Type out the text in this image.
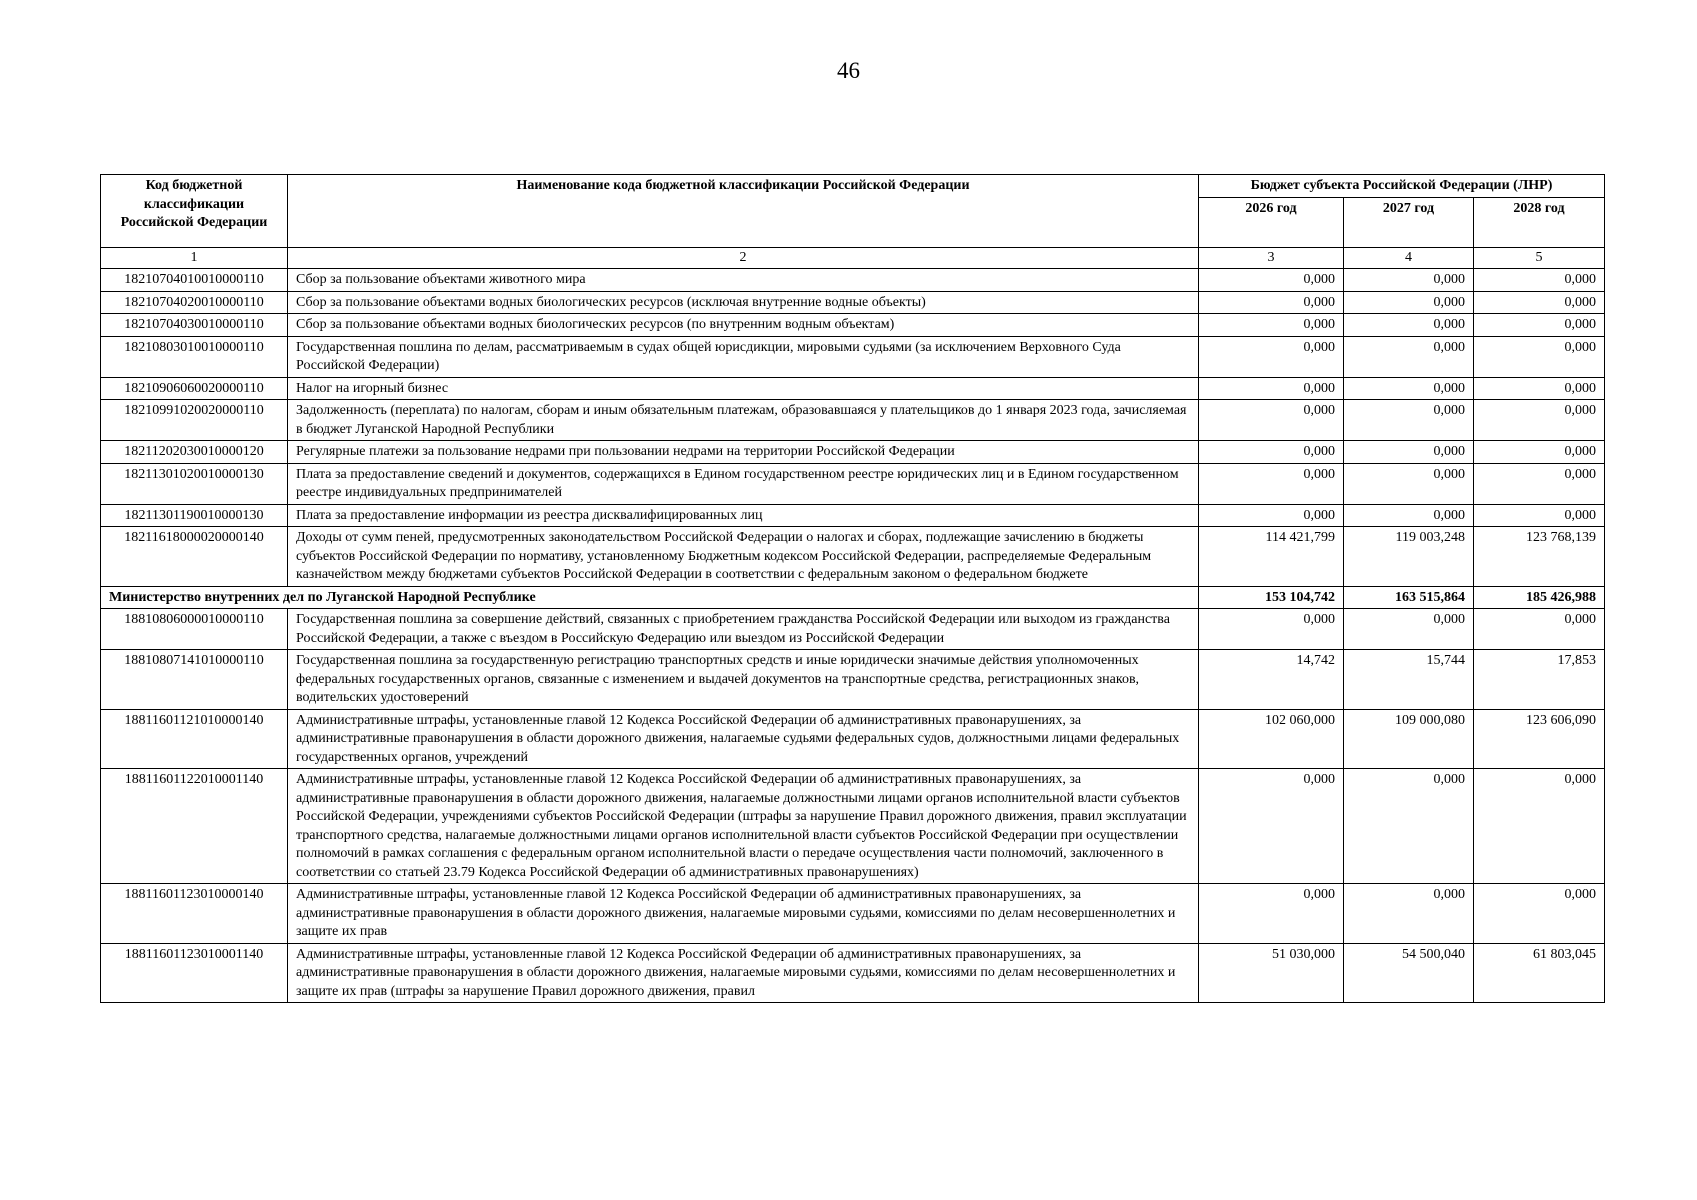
46
Код бюджетной классификации Российской Федерации	Наименование кода бюджетной классификации Российской Федерации	Бюджет субъекта Российской Федерации (ЛНР)		
		2026 год	2027 год	2028 год
1	2	3	4	5
18210704010010000110	Сбор за пользование объектами животного мира	0,000	0,000	0,000
18210704020010000110	Сбор за пользование объектами водных биологических ресурсов (исключая внутренние водные объекты)	0,000	0,000	0,000
18210704030010000110	Сбор за пользование объектами водных биологических ресурсов (по внутренним водным объектам)	0,000	0,000	0,000
18210803010010000110	Государственная пошлина по делам, рассматриваемым в судах общей юрисдикции, мировыми судьями (за исключением Верховного Суда Российской Федерации)	0,000	0,000	0,000
18210906060020000110	Налог на игорный бизнес	0,000	0,000	0,000
18210991020020000110	Задолженность (переплата) по налогам, сборам и иным обязательным платежам, образовавшаяся у плательщиков до 1 января 2023 года, зачисляемая в бюджет Луганской Народной Республики	0,000	0,000	0,000
18211202030010000120	Регулярные платежи за пользование недрами при пользовании недрами на территории Российской Федерации	0,000	0,000	0,000
18211301020010000130	Плата за предоставление сведений и документов, содержащихся в Едином государственном реестре юридических лиц и в Едином государственном реестре индивидуальных предпринимателей	0,000	0,000	0,000
18211301190010000130	Плата за предоставление информации из реестра дисквалифицированных лиц	0,000	0,000	0,000
18211618000020000140	Доходы от сумм пеней, предусмотренных законодательством Российской Федерации о налогах и сборах, подлежащие зачислению в бюджеты субъектов Российской Федерации по нормативу, установленному Бюджетным кодексом Российской Федерации, распределяемые Федеральным казначейством между бюджетами субъектов Российской Федерации в соответствии с федеральным законом о федеральном бюджете	114 421,799	119 003,248	123 768,139
Министерство внутренних дел по Луганской Народной Республике		153 104,742	163 515,864	185 426,988
18810806000010000110	Государственная пошлина за совершение действий, связанных с приобретением гражданства Российской Федерации или выходом из гражданства Российской Федерации, а также с въездом в Российскую Федерацию или выездом из Российской Федерации	0,000	0,000	0,000
18810807141010000110	Государственная пошлина за государственную регистрацию транспортных средств и иные юридически значимые действия уполномоченных федеральных государственных органов, связанные с изменением и выдачей документов на транспортные средства, регистрационных знаков, водительских удостоверений	14,742	15,744	17,853
18811601121010000140	Административные штрафы, установленные главой 12 Кодекса Российской Федерации об административных правонарушениях, за административные правонарушения в области дорожного движения, налагаемые судьями федеральных судов, должностными лицами федеральных государственных органов, учреждений	102 060,000	109 000,080	123 606,090
18811601122010001140	Административные штрафы, установленные главой 12 Кодекса Российской Федерации об административных правонарушениях, за административные правонарушения в области дорожного движения, налагаемые должностными лицами органов исполнительной власти субъектов Российской Федерации, учреждениями субъектов Российской Федерации (штрафы за нарушение Правил дорожного движения, правил эксплуатации транспортного средства, налагаемые должностными лицами органов исполнительной власти субъектов Российской Федерации при осуществлении полномочий в рамках соглашения с федеральным органом исполнительной власти о передаче осуществления части полномочий, заключенного в соответствии со статьей 23.79 Кодекса Российской Федерации об административных правонарушениях)	0,000	0,000	0,000
18811601123010000140	Административные штрафы, установленные главой 12 Кодекса Российской Федерации об административных правонарушениях, за административные правонарушения в области дорожного движения, налагаемые мировыми судьями, комиссиями по делам несовершеннолетних и защите их прав	0,000	0,000	0,000
18811601123010001140	Административные штрафы, установленные главой 12 Кодекса Российской Федерации об административных правонарушениях, за административные правонарушения в области дорожного движения, налагаемые мировыми судьями, комиссиями по делам несовершеннолетних и защите их прав (штрафы за нарушение Правил дорожного движения, правил	51 030,000	54 500,040	61 803,045
